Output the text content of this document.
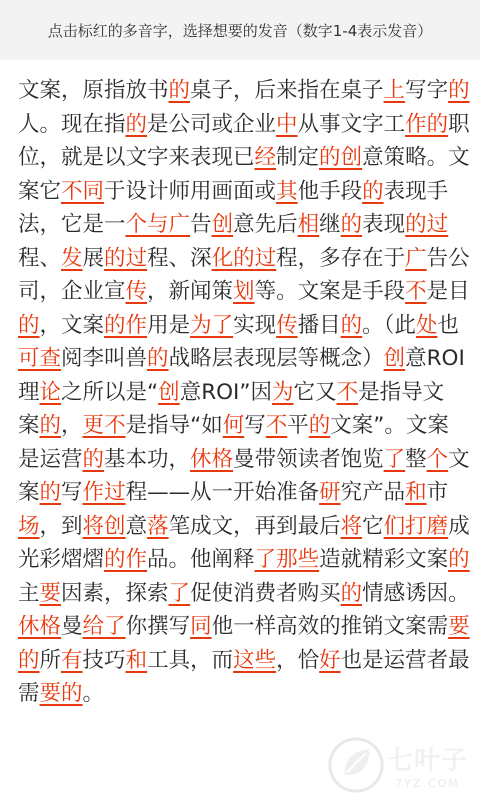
点击标红的多音字，选择想要的发音（数字1-4表示发音）
文案，原指放书的桌子，后来指在桌子上写字的
人。现在指的是公司或企业中从事文字工作的职
位，就是以文字来表现已经制定的创意策略。文
案它不同于设计师用画面或其他手段的表现手
法，它是一个与广告创意先后相继的表现的过
程、发展的过程、深化的过程，多存在于广告公
司，企业宣传，新闻策划等。文案是手段不是目
的，文案的作用是为了实现传播目的。（此处也
可查阅李叫兽的战略层表现层等概念）创意ROI
理论之所以是“创意ROI”因为它又不是指导文
案的，更不是指导“如何写不平的文案”。文案
是运营的基本功，休格曼带领读者饱览了整个文
案的写作过程——从一开始准备研究产品和市
场，到将创意落笔成文，再到最后将它们打磨成
光彩熠熠的作品。他阐释了那些造就精彩文案的
主要因素，探索了促使消费者购买的情感诱因。
休格曼给了你撰写同他一样高效的推销文案需要
的所有技巧和工具，而这些，恰好也是运营者最
需要的。
七叶子
7YZ.COM
